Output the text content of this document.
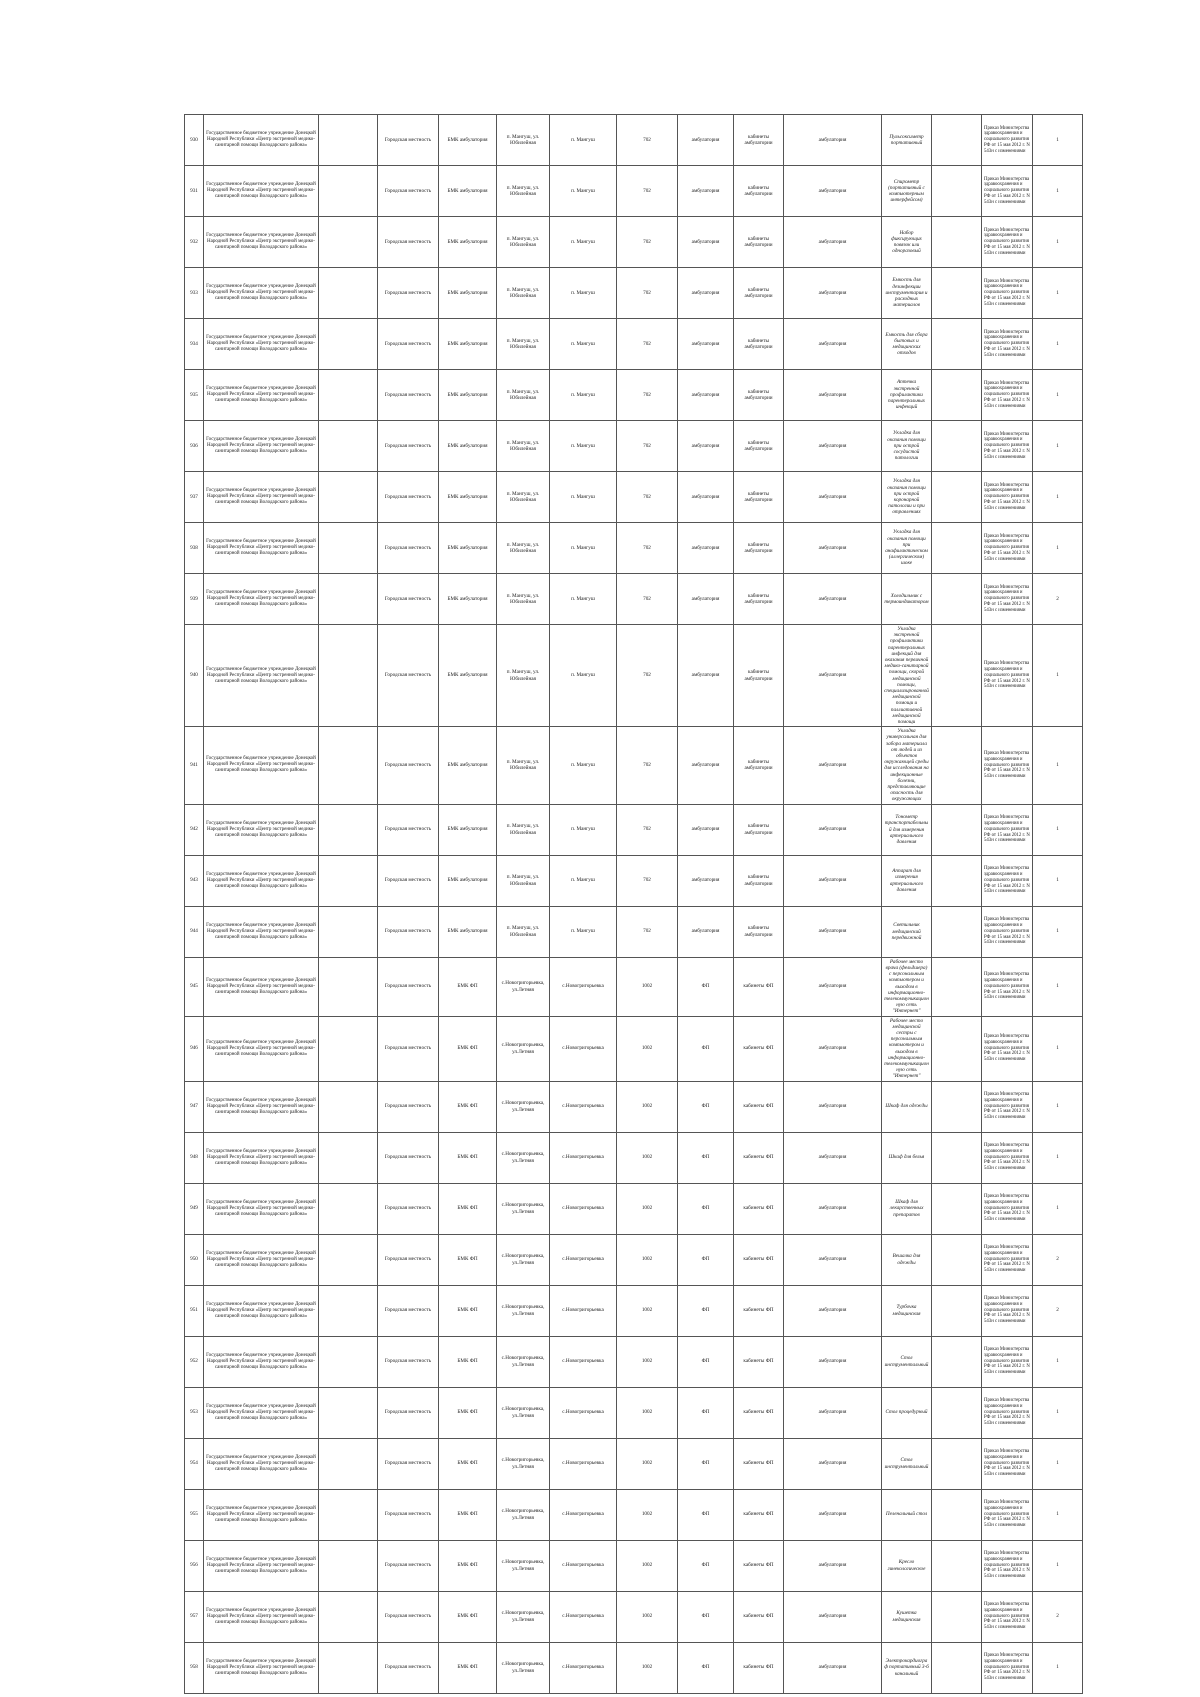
930	Государственное бюджетное учреждение Донецкой Народной Республики «Центр экстренной медико-санитарной помощи Володарского района»		Городская местность	БМК амбулатория	п. Мангуш, ул. Юбилейная	п. Мангуш	702	амбулатория	кабинеты амбулатории	амбулатория	Пульсоксиметр портативный		Приказ Министерства здравоохранения и социального развития РФ от 15 мая 2012 г. N 543н с изменениями	1	
931	Государственное бюджетное учреждение Донецкой Народной Республики «Центр экстренной медико-санитарной помощи Володарского района»		Городская местность	БМК амбулатория	п. Мангуш, ул. Юбилейная	п. Мангуш	702	амбулатория	кабинеты амбулатории	амбулатория	Спирометр (портативный с компьютерным интерфейсом)		Приказ Министерства здравоохранения и социального развития РФ от 15 мая 2012 г. N 543н с изменениями	1	
932	Государственное бюджетное учреждение Донецкой Народной Республики «Центр экстренной медико-санитарной помощи Володарского района»		Городская местность	БМК амбулатория	п. Мангуш, ул. Юбилейная	п. Мангуш	702	амбулатория	кабинеты амбулатории	амбулатория	Набор фиксирующих повязок или одноразовый		Приказ Министерства здравоохранения и социального развития РФ от 15 мая 2012 г. N 543н с изменениями	1	
933	Государственное бюджетное учреждение Донецкой Народной Республики «Центр экстренной медико-санитарной помощи Володарского района»		Городская местность	БМК амбулатория	п. Мангуш, ул. Юбилейная	п. Мангуш	702	амбулатория	кабинеты амбулатории	амбулатория	Емкость для дезинфекции инструментария и расходных материалов		Приказ Министерства здравоохранения и социального развития РФ от 15 мая 2012 г. N 543н с изменениями	1	
934	Государственное бюджетное учреждение Донецкой Народной Республики «Центр экстренной медико-санитарной помощи Володарского района»		Городская местность	БМК амбулатория	п. Мангуш, ул. Юбилейная	п. Мангуш	702	амбулатория	кабинеты амбулатории	амбулатория	Емкость для сбора бытовых и медицинских отходов		Приказ Министерства здравоохранения и социального развития РФ от 15 мая 2012 г. N 543н с изменениями	1	
935	Государственное бюджетное учреждение Донецкой Народной Республики «Центр экстренной медико-санитарной помощи Володарского района»		Городская местность	БМК амбулатория	п. Мангуш, ул. Юбилейная	п. Мангуш	702	амбулатория	кабинеты амбулатории	амбулатория	Аптечка экстренной профилактики парентеральных инфекций		Приказ Министерства здравоохранения и социального развития РФ от 15 мая 2012 г. N 543н с изменениями	1	
936	Государственное бюджетное учреждение Донецкой Народной Республики «Центр экстренной медико-санитарной помощи Володарского района»		Городская местность	БМК амбулатория	п. Мангуш, ул. Юбилейная	п. Мангуш	702	амбулатория	кабинеты амбулатории	амбулатория	Укладка для оказания помощи при острой сосудистой патологии		Приказ Министерства здравоохранения и социального развития РФ от 15 мая 2012 г. N 543н с изменениями	1	
937	Государственное бюджетное учреждение Донецкой Народной Республики «Центр экстренной медико-санитарной помощи Володарского района»		Городская местность	БМК амбулатория	п. Мангуш, ул. Юбилейная	п. Мангуш	702	амбулатория	кабинеты амбулатории	амбулатория	Укладка для оказания помощи при острой коронарной патологии и при отравлениях		Приказ Министерства здравоохранения и социального развития РФ от 15 мая 2012 г. N 543н с изменениями	1	
938	Государственное бюджетное учреждение Донецкой Народной Республики «Центр экстренной медико-санитарной помощи Володарского района»		Городская местность	БМК амбулатория	п. Мангуш, ул. Юбилейная	п. Мангуш	702	амбулатория	кабинеты амбулатории	амбулатория	Укладка для оказания помощи при анафилактическом (аллергическом) шоке		Приказ Министерства здравоохранения и социального развития РФ от 15 мая 2012 г. N 543н с изменениями	1	
939	Государственное бюджетное учреждение Донецкой Народной Республики «Центр экстренной медико-санитарной помощи Володарского района»		Городская местность	БМК амбулатория	п. Мангуш, ул. Юбилейная	п. Мангуш	702	амбулатория	кабинеты амбулатории	амбулатория	Холодильник с термоиндикатором		Приказ Министерства здравоохранения и социального развития РФ от 15 мая 2012 г. N 543н с изменениями	2	
940	Государственное бюджетное учреждение Донецкой Народной Республики «Центр экстренной медико-санитарной помощи Володарского района»		Городская местность	БМК амбулатория	п. Мангуш, ул. Юбилейная	п. Мангуш	702	амбулатория	кабинеты амбулатории	амбулатория	Укладка экстренной профилактики парентеральных инфекций для оказания первичной медико-санитарной помощи, скорой медицинской помощи, специализированной медицинской помощи и паллиативной медицинской помощи		Приказ Министерства здравоохранения и социального развития РФ от 15 мая 2012 г. N 543н с изменениями	1	
941	Государственное бюджетное учреждение Донецкой Народной Республики «Центр экстренной медико-санитарной помощи Володарского района»		Городская местность	БМК амбулатория	п. Мангуш, ул. Юбилейная	п. Мангуш	702	амбулатория	кабинеты амбулатории	амбулатория	Укладка универсальная для забора материала от людей и из объектов окружающей среды для исследования на инфекционные болезни, представляющие опасность для окружающих		Приказ Министерства здравоохранения и социального развития РФ от 15 мая 2012 г. N 543н с изменениями	1	
942	Государственное бюджетное учреждение Донецкой Народной Республики «Центр экстренной медико-санитарной помощи Володарского района»		Городская местность	БМК амбулатория	п. Мангуш, ул. Юбилейная	п. Мангуш	702	амбулатория	кабинеты амбулатории	амбулатория	Тонометр транспортабельный для измерения артериального давления		Приказ Министерства здравоохранения и социального развития РФ от 15 мая 2012 г. N 543н с изменениями	1	
943	Государственное бюджетное учреждение Донецкой Народной Республики «Центр экстренной медико-санитарной помощи Володарского района»		Городская местность	БМК амбулатория	п. Мангуш, ул. Юбилейная	п. Мангуш	702	амбулатория	кабинеты амбулатории	амбулатория	Аппарат для измерения артериального давления		Приказ Министерства здравоохранения и социального развития РФ от 15 мая 2012 г. N 543н с изменениями	1	
944	Государственное бюджетное учреждение Донецкой Народной Республики «Центр экстренной медико-санитарной помощи Володарского района»		Городская местность	БМК амбулатория	п. Мангуш, ул. Юбилейная	п. Мангуш	702	амбулатория	кабинеты амбулатории	амбулатория	Светильник медицинский передвижной		Приказ Министерства здравоохранения и социального развития РФ от 15 мая 2012 г. N 543н с изменениями	1	
945	Государственное бюджетное учреждение Донецкой Народной Республики «Центр экстренной медико-санитарной помощи Володарского района»		Городская местность	БМК ФП	с.Новогригорьевка, ул.Летняя	с.Новогригорьевка	1002	ФП	кабинеты ФП	амбулатория	Рабочее место врача (фельдшера) с персональным компьютером и выходом в информационно-телекоммуникационную сеть "Интернет"		Приказ Министерства здравоохранения и социального развития РФ от 15 мая 2012 г. N 543н с изменениями	1	
946	Государственное бюджетное учреждение Донецкой Народной Республики «Центр экстренной медико-санитарной помощи Володарского района»		Городская местность	БМК ФП	с.Новогригорьевка, ул.Летняя	с.Новогригорьевка	1002	ФП	кабинеты ФП	амбулатория	Рабочее место медицинской сестры с персональным компьютером и выходом в информационно-телекоммуникационную сеть "Интернет"		Приказ Министерства здравоохранения и социального развития РФ от 15 мая 2012 г. N 543н с изменениями	1	
947	Государственное бюджетное учреждение Донецкой Народной Республики «Центр экстренной медико-санитарной помощи Володарского района»		Городская местность	БМК ФП	с.Новогригорьевка, ул.Летняя	с.Новогригорьевка	1002	ФП	кабинеты ФП	амбулатория	Шкаф для одежды		Приказ Министерства здравоохранения и социального развития РФ от 15 мая 2012 г. N 543н с изменениями	1	
948	Государственное бюджетное учреждение Донецкой Народной Республики «Центр экстренной медико-санитарной помощи Володарского района»		Городская местность	БМК ФП	с.Новогригорьевка, ул.Летняя	с.Новогригорьевка	1002	ФП	кабинеты ФП	амбулатория	Шкаф для белья		Приказ Министерства здравоохранения и социального развития РФ от 15 мая 2012 г. N 543н с изменениями	1	
949	Государственное бюджетное учреждение Донецкой Народной Республики «Центр экстренной медико-санитарной помощи Володарского района»		Городская местность	БМК ФП	с.Новогригорьевка, ул.Летняя	с.Новогригорьевка	1002	ФП	кабинеты ФП	амбулатория	Шкаф для лекарственных препаратов		Приказ Министерства здравоохранения и социального развития РФ от 15 мая 2012 г. N 543н с изменениями	1	
950	Государственное бюджетное учреждение Донецкой Народной Республики «Центр экстренной медико-санитарной помощи Володарского района»		Городская местность	БМК ФП	с.Новогригорьевка, ул.Летняя	с.Новогригорьевка	1002	ФП	кабинеты ФП	амбулатория	Вешалка для одежды		Приказ Министерства здравоохранения и социального развития РФ от 15 мая 2012 г. N 543н с изменениями	2	
951	Государственное бюджетное учреждение Донецкой Народной Республики «Центр экстренной медико-санитарной помощи Володарского района»		Городская местность	БМК ФП	с.Новогригорьевка, ул.Летняя	с.Новогригорьевка	1002	ФП	кабинеты ФП	амбулатория	Турбочка медицинская		Приказ Министерства здравоохранения и социального развития РФ от 15 мая 2012 г. N 543н с изменениями	2	
952	Государственное бюджетное учреждение Донецкой Народной Республики «Центр экстренной медико-санитарной помощи Володарского района»		Городская местность	БМК ФП	с.Новогригорьевка, ул.Летняя	с.Новогригорьевка	1002	ФП	кабинеты ФП	амбулатория	Стол инструментальный		Приказ Министерства здравоохранения и социального развития РФ от 15 мая 2012 г. N 543н с изменениями	1	
953	Государственное бюджетное учреждение Донецкой Народной Республики «Центр экстренной медико-санитарной помощи Володарского района»		Городская местность	БМК ФП	с.Новогригорьевка, ул.Летняя	с.Новогригорьевка	1002	ФП	кабинеты ФП	амбулатория	Стол процедурный		Приказ Министерства здравоохранения и социального развития РФ от 15 мая 2012 г. N 543н с изменениями	1	
954	Государственное бюджетное учреждение Донецкой Народной Республики «Центр экстренной медико-санитарной помощи Володарского района»		Городская местность	БМК ФП	с.Новогригорьевка, ул.Летняя	с.Новогригорьевка	1002	ФП	кабинеты ФП	амбулатория	Стол инструментальный		Приказ Министерства здравоохранения и социального развития РФ от 15 мая 2012 г. N 543н с изменениями	1	
955	Государственное бюджетное учреждение Донецкой Народной Республики «Центр экстренной медико-санитарной помощи Володарского района»		Городская местность	БМК ФП	с.Новогригорьевка, ул.Летняя	с.Новогригорьевка	1002	ФП	кабинеты ФП	амбулатория	Пеленальный стол		Приказ Министерства здравоохранения и социального развития РФ от 15 мая 2012 г. N 543н с изменениями	1	
956	Государственное бюджетное учреждение Донецкой Народной Республики «Центр экстренной медико-санитарной помощи Володарского района»		Городская местность	БМК ФП	с.Новогригорьевка, ул.Летняя	с.Новогригорьевка	1002	ФП	кабинеты ФП	амбулатория	Кресло гинекологическое		Приказ Министерства здравоохранения и социального развития РФ от 15 мая 2012 г. N 543н с изменениями	1	
957	Государственное бюджетное учреждение Донецкой Народной Республики «Центр экстренной медико-санитарной помощи Володарского района»		Городская местность	БМК ФП	с.Новогригорьевка, ул.Летняя	с.Новогригорьевка	1002	ФП	кабинеты ФП	амбулатория	Кушетка медицинская		Приказ Министерства здравоохранения и социального развития РФ от 15 мая 2012 г. N 543н с изменениями	2	
958	Государственное бюджетное учреждение Донецкой Народной Республики «Центр экстренной медико-санитарной помощи Володарского района»		Городская местность	БМК ФП	с.Новогригорьевка, ул.Летняя	с.Новогригорьевка	1002	ФП	кабинеты ФП	амбулатория	Электрокардиограф портативный 3-6 канальный		Приказ Министерства здравоохранения и социального развития РФ от 15 мая 2012 г. N 543н с изменениями	1	
